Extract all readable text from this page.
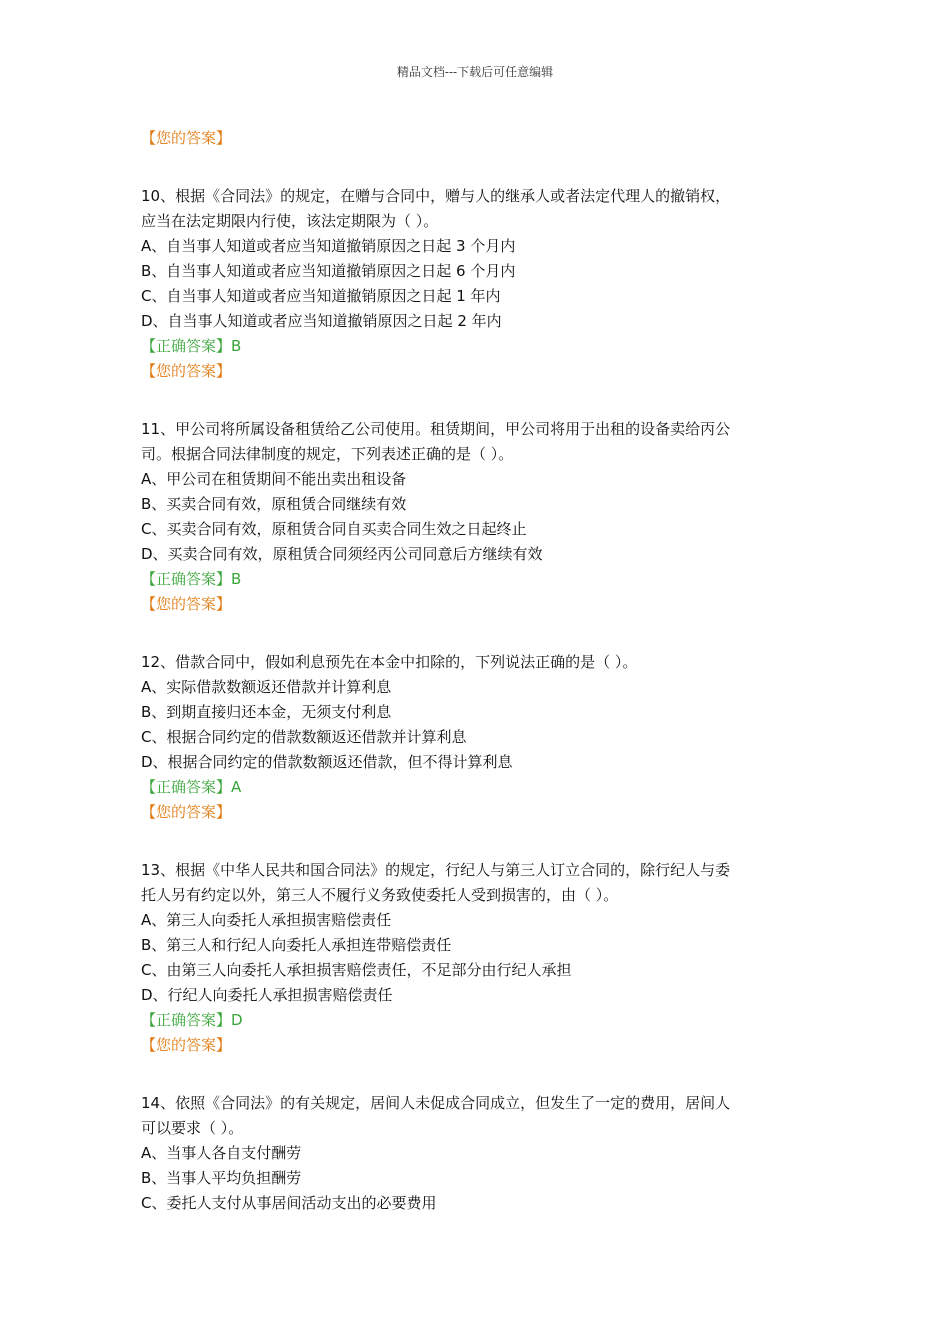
精品文档---下载后可任意编辑
【您的答案】
10、根据《合同法》的规定，在赠与合同中，赠与人的继承人或者法定代理人的撤销权，
应当在法定期限内行使，该法定期限为（ ）。
A、自当事人知道或者应当知道撤销原因之日起 3 个月内
B、自当事人知道或者应当知道撤销原因之日起 6 个月内
C、自当事人知道或者应当知道撤销原因之日起 1 年内
D、自当事人知道或者应当知道撤销原因之日起 2 年内
【正确答案】B
【您的答案】
11、甲公司将所属设备租赁给乙公司使用。租赁期间，甲公司将用于出租的设备卖给丙公
司。根据合同法律制度的规定，下列表述正确的是（ ）。
A、甲公司在租赁期间不能出卖出租设备
B、买卖合同有效，原租赁合同继续有效
C、买卖合同有效，原租赁合同自买卖合同生效之日起终止
D、买卖合同有效，原租赁合同须经丙公司同意后方继续有效
【正确答案】B
【您的答案】
12、借款合同中，假如利息预先在本金中扣除的，下列说法正确的是（ ）。
A、实际借款数额返还借款并计算利息
B、到期直接归还本金，无须支付利息
C、根据合同约定的借款数额返还借款并计算利息
D、根据合同约定的借款数额返还借款，但不得计算利息
【正确答案】A
【您的答案】
13、根据《中华人民共和国合同法》的规定，行纪人与第三人订立合同的，除行纪人与委
托人另有约定以外，第三人不履行义务致使委托人受到损害的，由（ ）。
A、第三人向委托人承担损害赔偿责任
B、第三人和行纪人向委托人承担连带赔偿责任
C、由第三人向委托人承担损害赔偿责任，不足部分由行纪人承担
D、行纪人向委托人承担损害赔偿责任
【正确答案】D
【您的答案】
14、依照《合同法》的有关规定，居间人未促成合同成立，但发生了一定的费用，居间人
可以要求（ ）。
A、当事人各自支付酬劳
B、当事人平均负担酬劳
C、委托人支付从事居间活动支出的必要费用
